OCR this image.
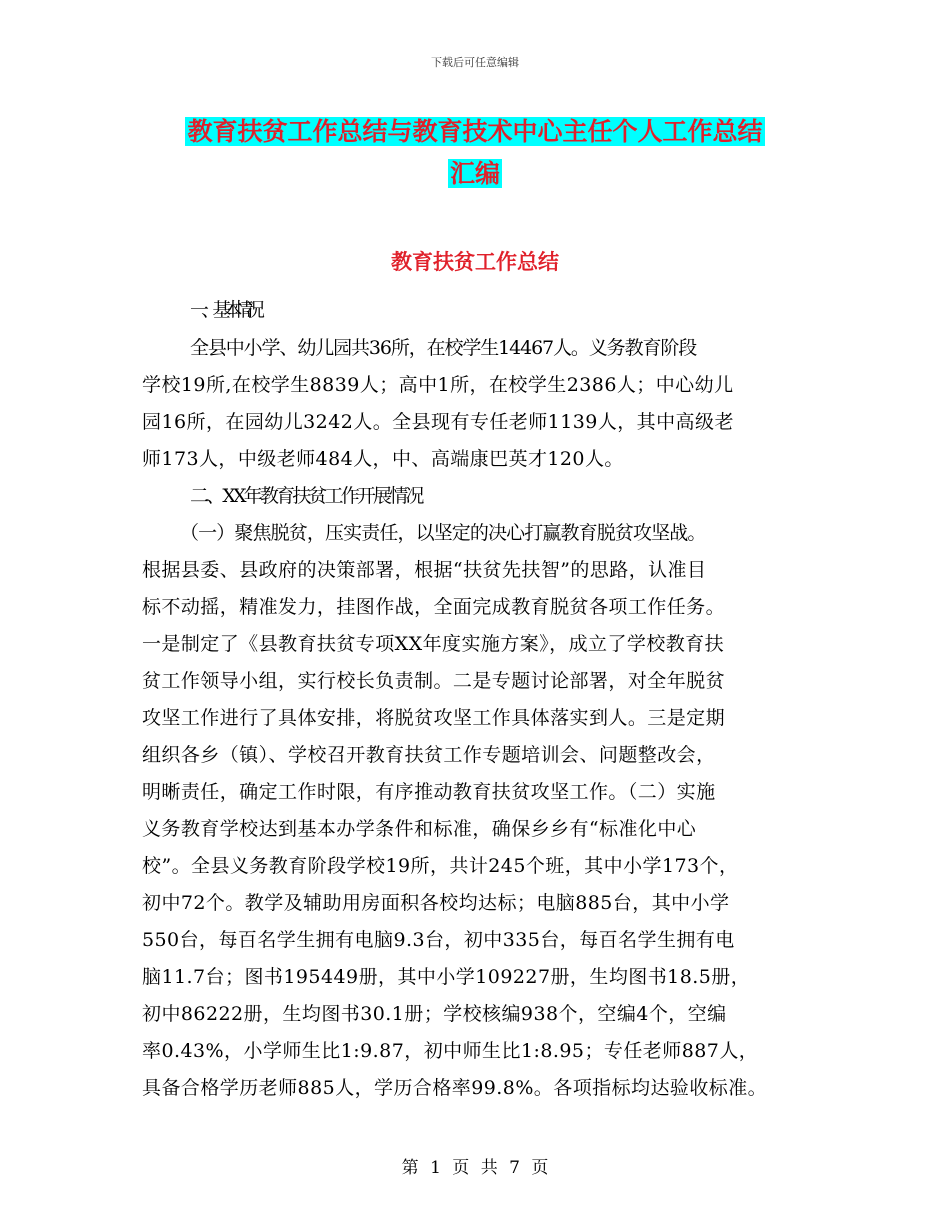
下载后可任意编辑
教育扶贫工作总结与教育技术中心主任个人工作总结
汇编
教育扶贫工作总结
一、基本情况
全县中小学、幼儿园共36所，在校学生14467人。义务教育阶段
学校19所,在校学生8839人；高中1所，在校学生2386人；中心幼儿
园16所，在园幼儿3242人。全县现有专任老师1139人，其中高级老
师173人，中级老师484人，中、高端康巴英才120人。
二、XX年教育扶贫工作开展情况
（一）聚焦脱贫，压实责任，以坚定的决心打赢教育脱贫攻坚战。
根据县委、县政府的决策部署，根据“扶贫先扶智”的思路，认准目
标不动摇，精准发力，挂图作战，全面完成教育脱贫各项工作任务。
一是制定了《县教育扶贫专项XX年度实施方案》，成立了学校教育扶
贫工作领导小组，实行校长负责制。二是专题讨论部署，对全年脱贫
攻坚工作进行了具体安排，将脱贫攻坚工作具体落实到人。三是定期
组织各乡（镇）、学校召开教育扶贫工作专题培训会、问题整改会，
明晰责任，确定工作时限，有序推动教育扶贫攻坚工作。（二）实施
义务教育学校达到基本办学条件和标准，确保乡乡有“标准化中心
校”。全县义务教育阶段学校19所，共计245个班，其中小学173个，
初中72个。教学及辅助用房面积各校均达标；电脑885台，其中小学
550台，每百名学生拥有电脑9.3台，初中335台，每百名学生拥有电
脑11.7台；图书195449册，其中小学109227册，生均图书18.5册，
初中86222册，生均图书30.1册；学校核编938个，空编4个，空编
率0.43%，小学师生比1:9.87，初中师生比1:8.95；专任老师887人，
具备合格学历老师885人，学历合格率99.8%。各项指标均达验收标准。
第 1 页 共 7 页
